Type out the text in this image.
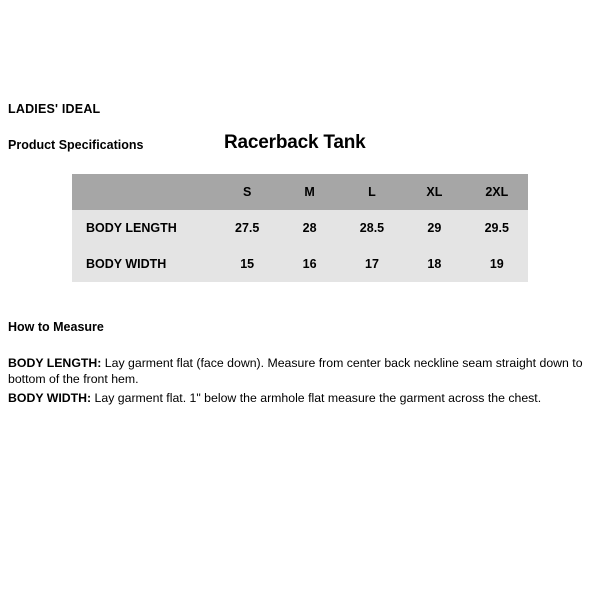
LADIES' IDEAL
Product Specifications	Racerback Tank
	S	M	L	XL	2XL
BODY LENGTH	27.5	28	28.5	29	29.5
BODY WIDTH	15	16	17	18	19
How to Measure

BODY LENGTH: Lay garment flat (face down). Measure from center back neckline seam straight down to bottom of the front hem.

BODY WIDTH: Lay garment flat. 1" below the armhole flat measure the garment across the chest.
